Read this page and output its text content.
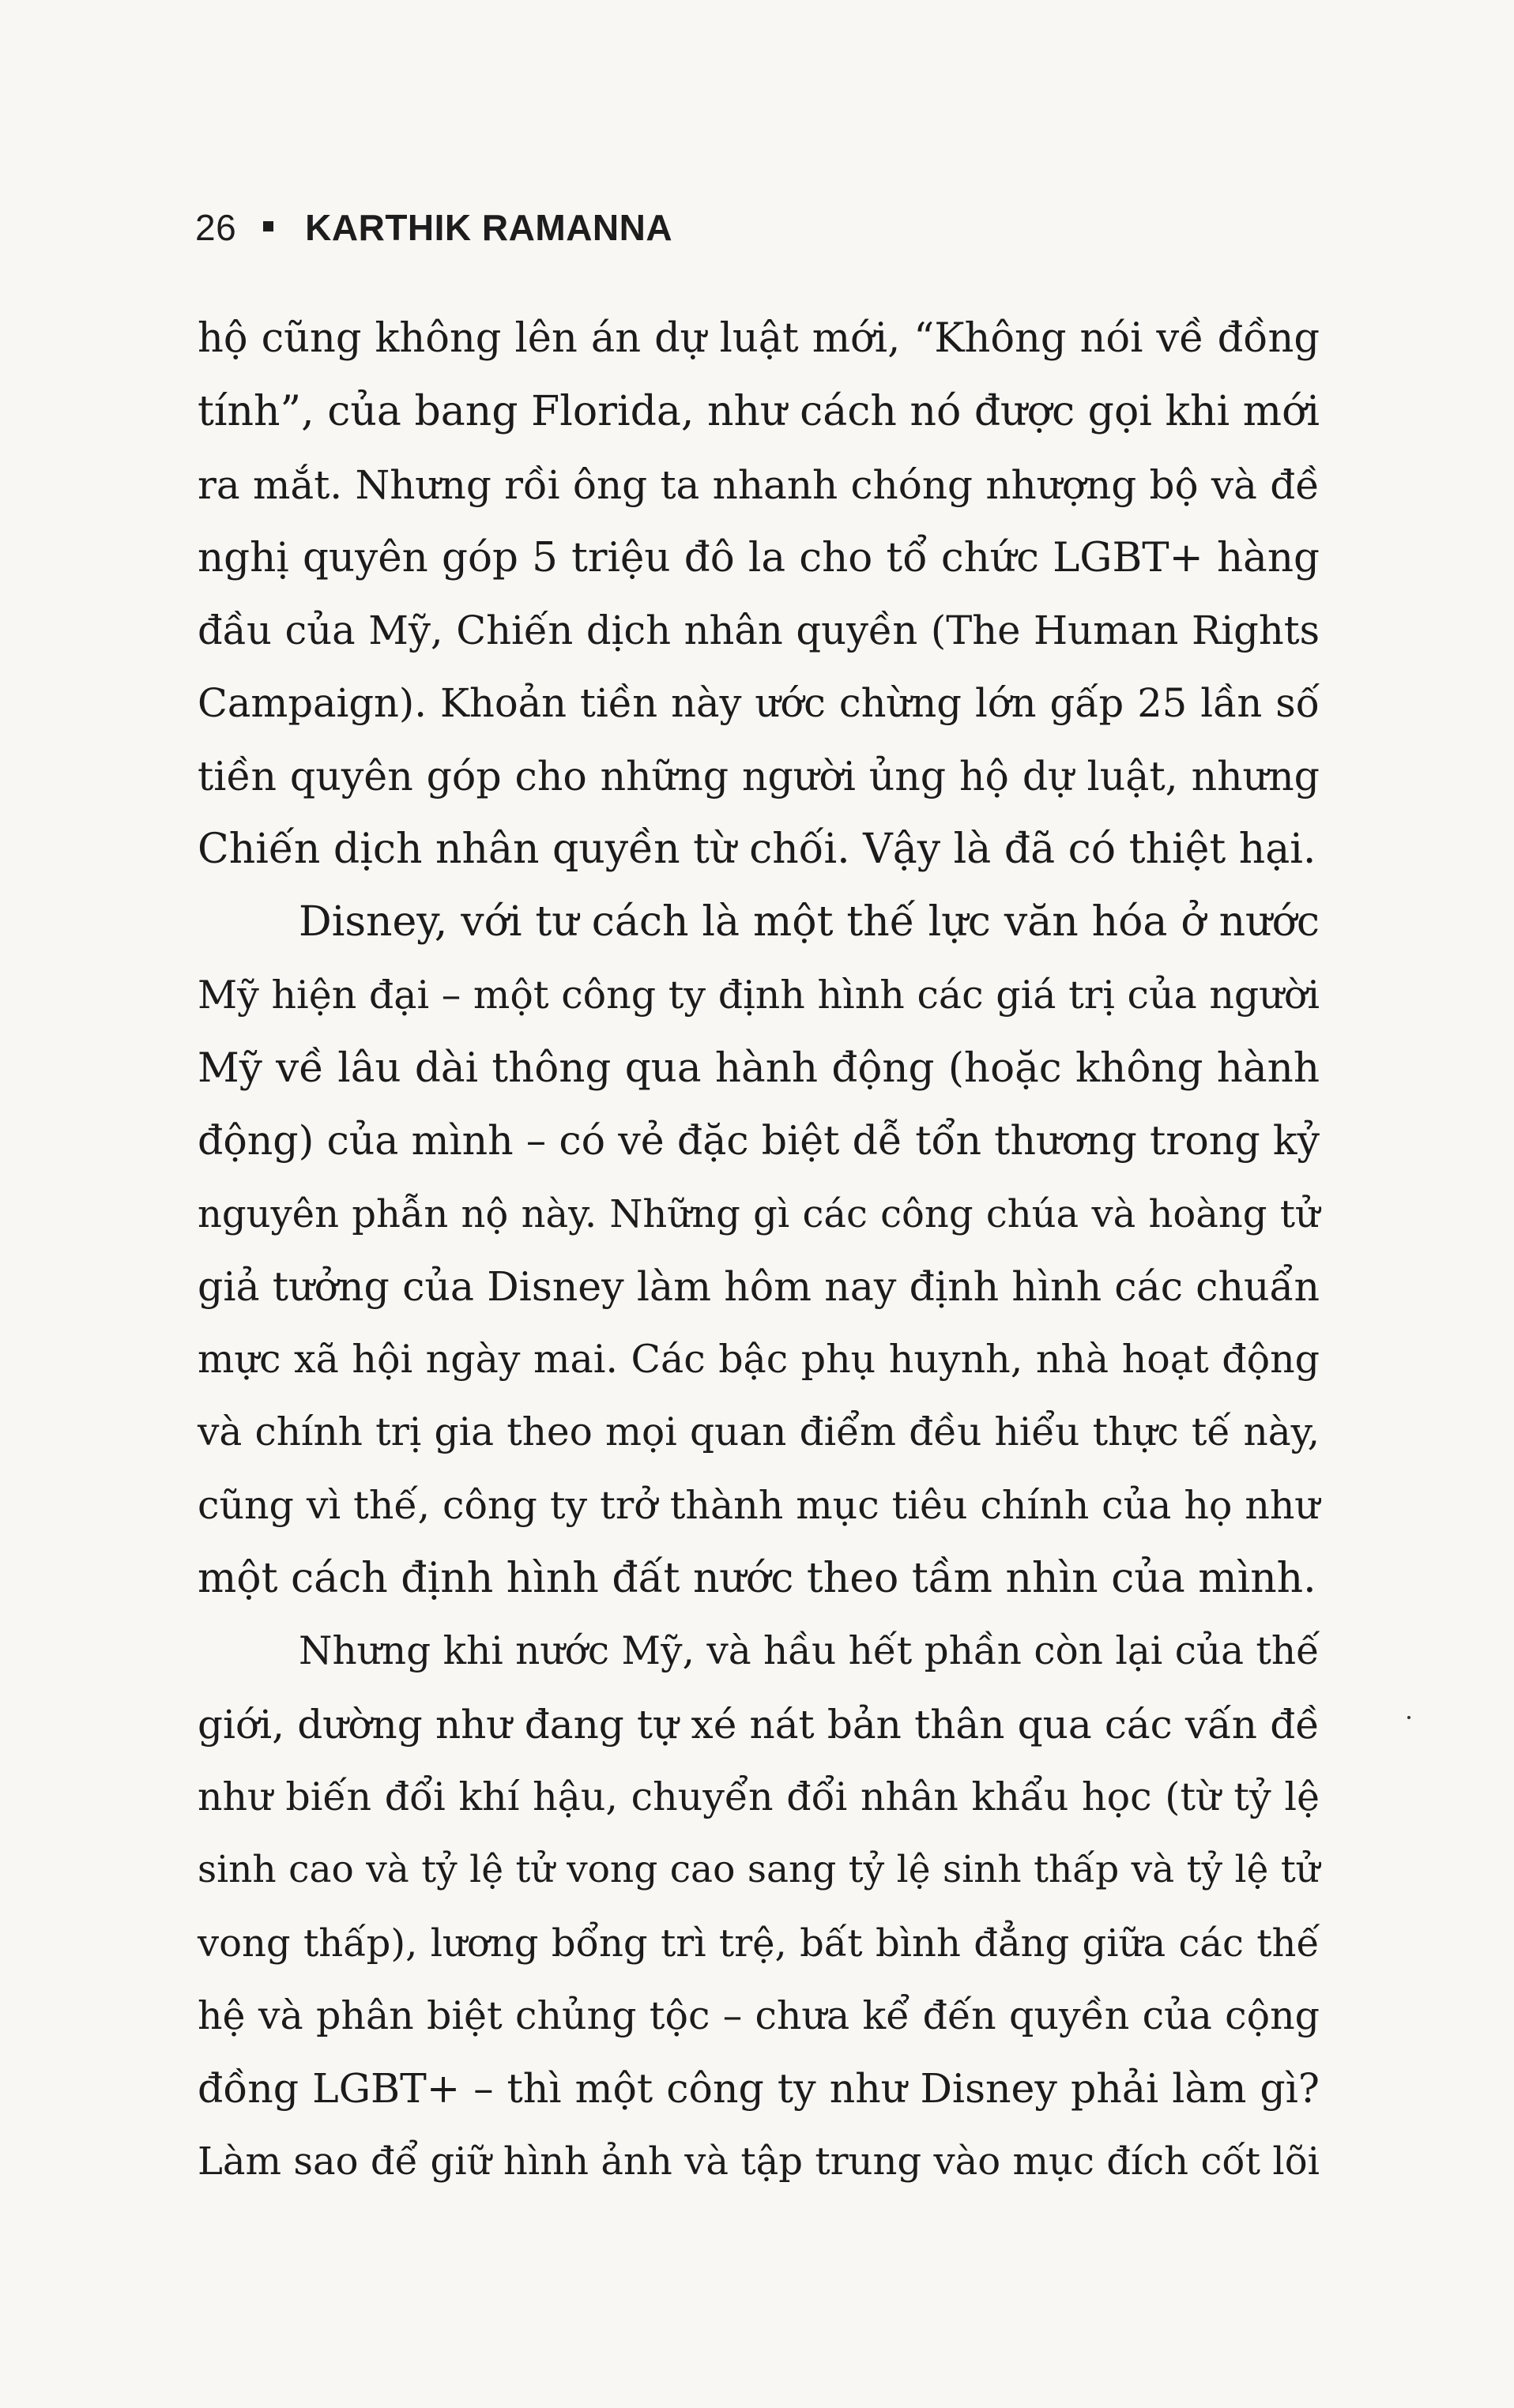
26 KARTHIK RAMANNA

hộ cũng không lên án dự luật mới, “Không nói về đồng

tính”, của bang Florida, như cách nó được gọi khi mới

ra mắt. Nhưng rồi ông ta nhanh chóng nhượng bộ và đề

nghị quyên góp 5 triệu đô la cho tổ chức LGBT+ hàng

đầu của Mỹ, Chiến dịch nhân quyền (The Human Rights

Campaign). Khoản tiền này ước chừng lớn gấp 25 lần số

tiền quyên góp cho những người ủng hộ dự luật, nhưng

Chiến dịch nhân quyền từ chối. Vậy là đã có thiệt hại.

Disney, với tư cách là một thế lực văn hóa ở nước

Mỹ hiện đại – một công ty định hình các giá trị của người

Mỹ về lâu dài thông qua hành động (hoặc không hành

động) của mình – có vẻ đặc biệt dễ tổn thương trong kỷ

nguyên phẫn nộ này. Những gì các công chúa và hoàng tử

giả tưởng của Disney làm hôm nay định hình các chuẩn

mực xã hội ngày mai. Các bậc phụ huynh, nhà hoạt động

và chính trị gia theo mọi quan điểm đều hiểu thực tế này,

cũng vì thế, công ty trở thành mục tiêu chính của họ như

một cách định hình đất nước theo tầm nhìn của mình.

Nhưng khi nước Mỹ, và hầu hết phần còn lại của thế

giới, dường như đang tự xé nát bản thân qua các vấn đề

như biến đổi khí hậu, chuyển đổi nhân khẩu học (từ tỷ lệ

sinh cao và tỷ lệ tử vong cao sang tỷ lệ sinh thấp và tỷ lệ tử

vong thấp), lương bổng trì trệ, bất bình đẳng giữa các thế

hệ và phân biệt chủng tộc – chưa kể đến quyền của cộng

đồng LGBT+ – thì một công ty như Disney phải làm gì?

Làm sao để giữ hình ảnh và tập trung vào mục đích cốt lõi
